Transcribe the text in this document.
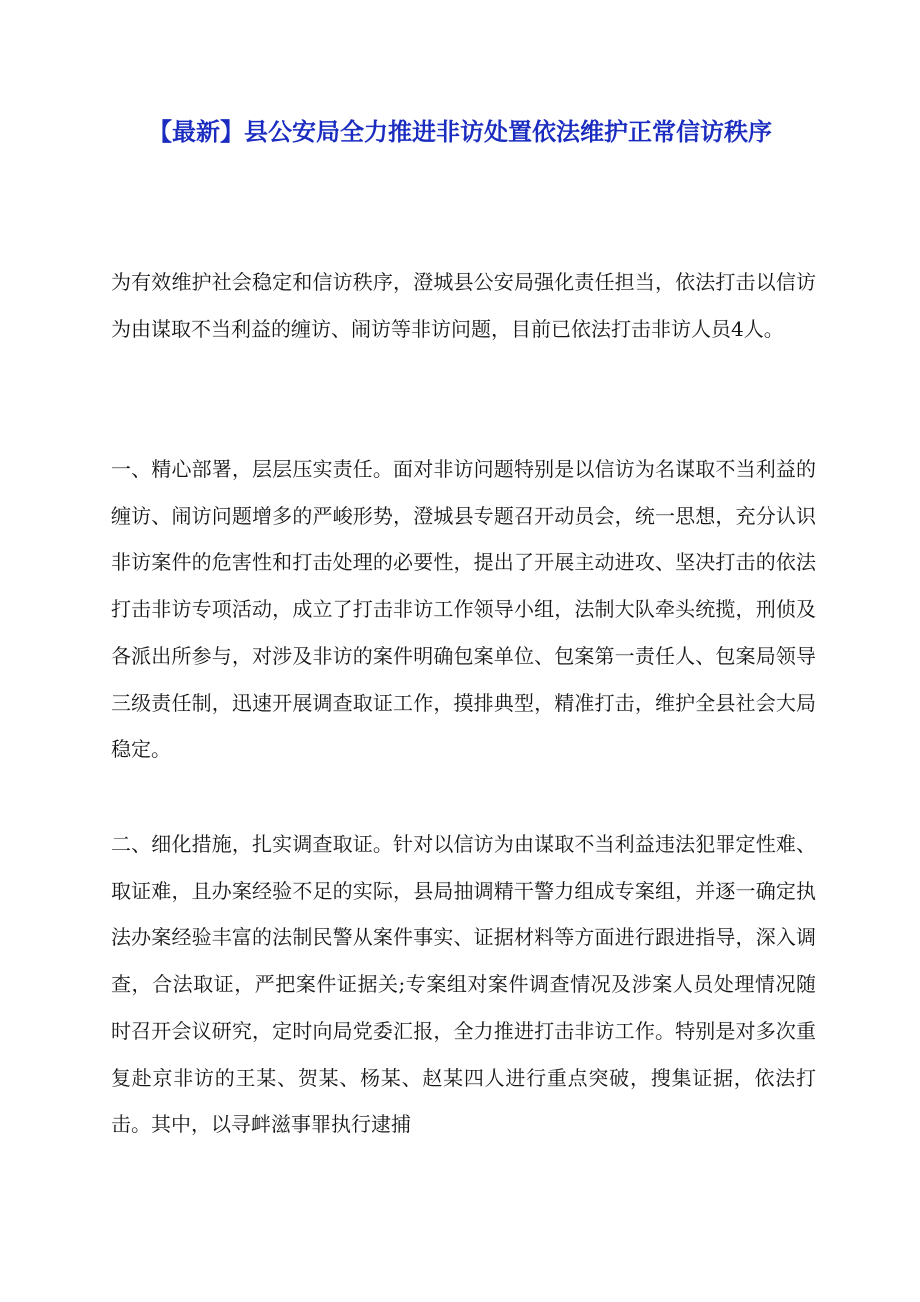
【最新】县公安局全力推进非访处置依法维护正常信访秩序

为有效维护社会稳定和信访秩序，澄城县公安局强化责任担当，依法打击以信访为由谋取不当利益的缠访、闹访等非访问题，目前已依法打击非访人员4人。

一、精心部署，层层压实责任。面对非访问题特别是以信访为名谋取不当利益的缠访、闹访问题增多的严峻形势，澄城县专题召开动员会，统一思想，充分认识非访案件的危害性和打击处理的必要性，提出了开展主动进攻、坚决打击的依法打击非访专项活动，成立了打击非访工作领导小组，法制大队牵头统揽，刑侦及各派出所参与，对涉及非访的案件明确包案单位、包案第一责任人、包案局领导三级责任制，迅速开展调查取证工作，摸排典型，精准打击，维护全县社会大局稳定。

二、细化措施，扎实调查取证。针对以信访为由谋取不当利益违法犯罪定性难、取证难，且办案经验不足的实际，县局抽调精干警力组成专案组，并逐一确定执法办案经验丰富的法制民警从案件事实、证据材料等方面进行跟进指导，深入调查，合法取证，严把案件证据关;专案组对案件调查情况及涉案人员处理情况随时召开会议研究，定时向局党委汇报，全力推进打击非访工作。特别是对多次重复赴京非访的王某、贺某、杨某、赵某四人进行重点突破，搜集证据，依法打击。其中，以寻衅滋事罪执行逮捕
